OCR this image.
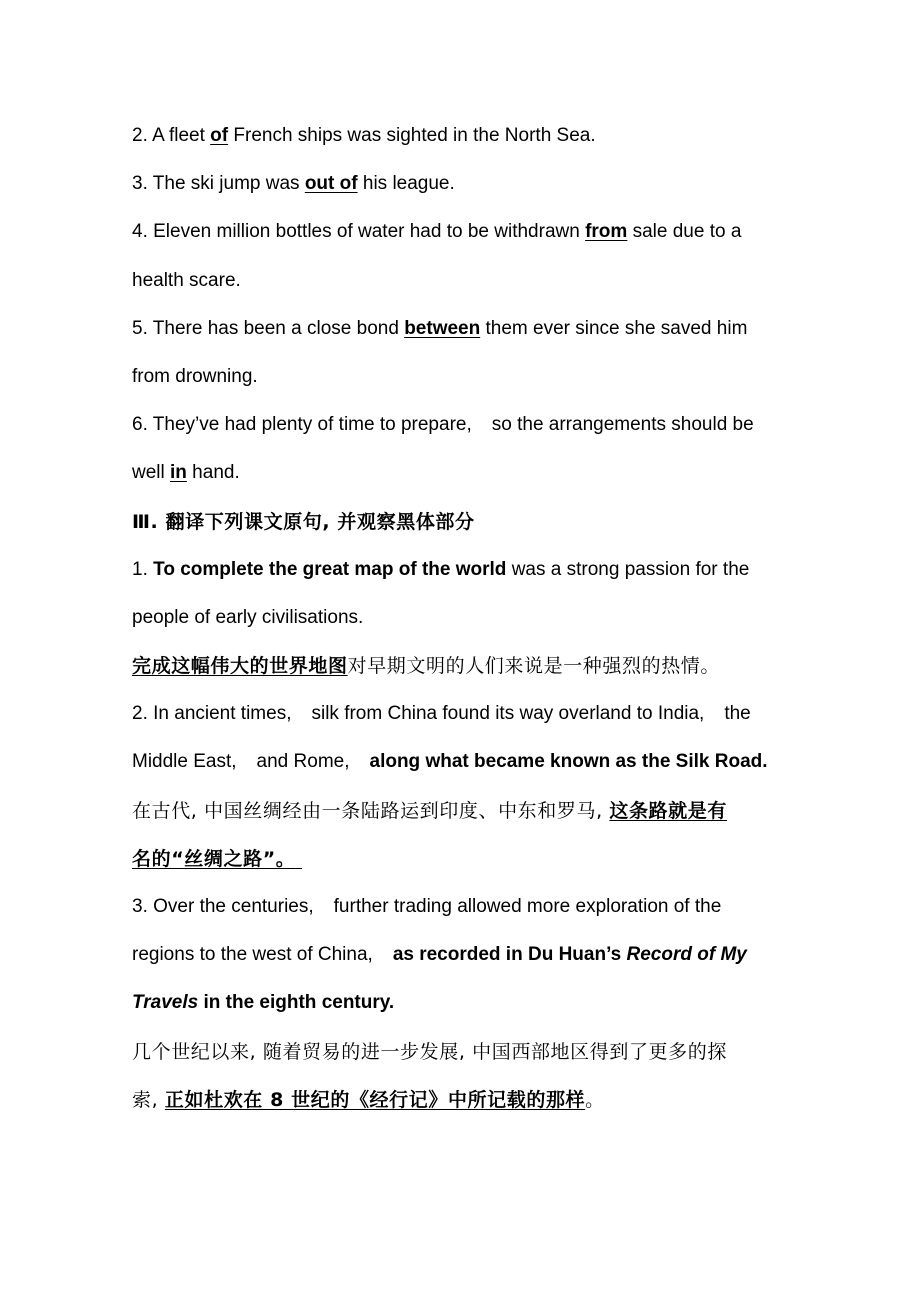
2. A fleet of French ships was sighted in the North Sea.
3. The ski jump was out of his league.
4. Eleven million bottles of water had to be withdrawn from sale due to a
health scare.
5. There has been a close bond between them ever since she saved him
from drowning.
6. They’ve had plenty of time to prepare, so the arrangements should be
well in hand.
Ⅲ. 翻译下列课文原句, 并观察黑体部分
1. To complete the great map of the world was a strong passion for the
people of early civilisations.
完成这幅伟大的世界地图对早期文明的人们来说是一种强烈的热情。
2. In ancient times, silk from China found its way overland to India, the
Middle East, and Rome, along what became known as the Silk Road.
在古代, 中国丝绸经由一条陆路运到印度、中东和罗马, 这条路就是有
名的“丝绸之路”。
3. Over the centuries, further trading allowed more exploration of the
regions to the west of China, as recorded in Du Huan’s Record of My
Travels in the eighth century.
几个世纪以来, 随着贸易的进一步发展, 中国西部地区得到了更多的探
索, 正如杜欢在 8 世纪的《经行记》中所记载的那样。
